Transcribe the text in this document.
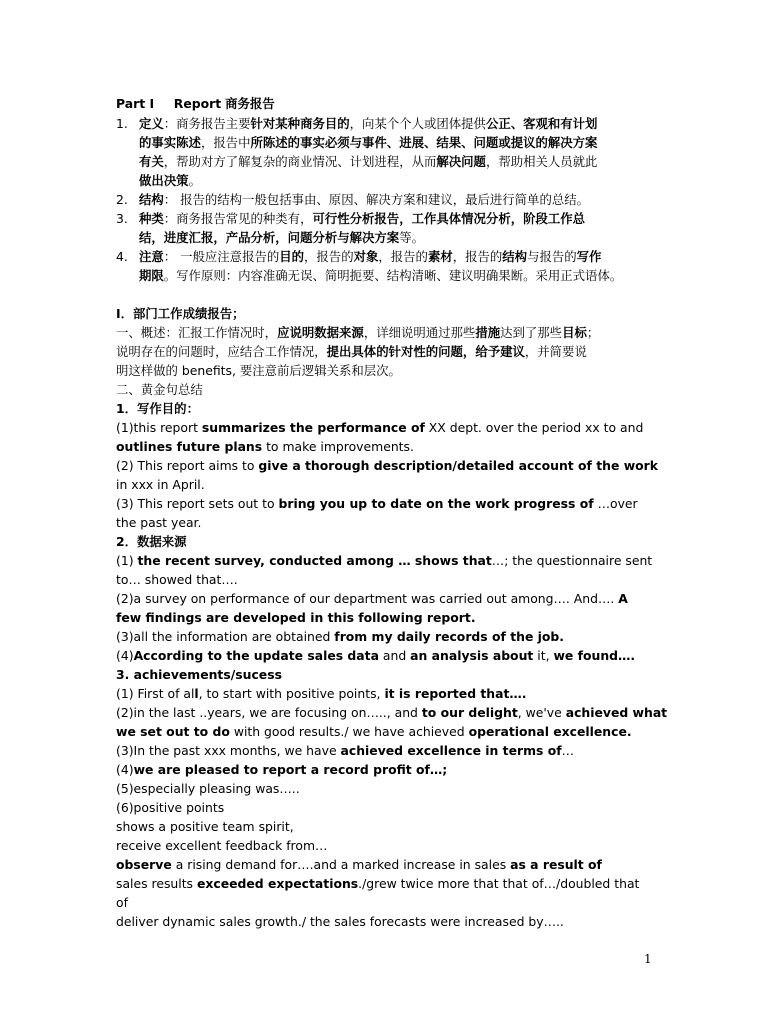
Part I Report 商务报告
1. 定义：商务报告主要针对某种商务目的，向某个个人或团体提供公正、客观和有计划
的事实陈述，报告中所陈述的事实必须与事件、进展、结果、问题或提议的解决方案
有关，帮助对方了解复杂的商业情况、计划进程，从而解决问题，帮助相关人员就此
做出决策。
2. 结构： 报告的结构一般包括事由、原因、解决方案和建议，最后进行简单的总结。
3. 种类：商务报告常见的种类有，可行性分析报告，工作具体情况分析，阶段工作总
结，进度汇报，产品分析，问题分析与解决方案等。
4. 注意： 一般应注意报告的目的，报告的对象，报告的素材，报告的结构与报告的写作
期限。写作原则：内容准确无误、简明扼要、结构清晰、建议明确果断。采用正式语体。
I．部门工作成绩报告；
一、概述：汇报工作情况时，应说明数据来源，详细说明通过那些措施达到了那些目标；
说明存在的问题时，应结合工作情况，提出具体的针对性的问题，给予建议，并简要说
明这样做的 benefits, 要注意前后逻辑关系和层次。
二、黄金句总结
1．写作目的：
(1)this report summarizes the performance of XX dept. over the period xx to and
outlines future plans to make improvements.
(2) This report aims to give a thorough description/detailed account of the work
in xxx in April.
(3) This report sets out to bring you up to date on the work progress of …over
the past year.
2．数据来源
(1) the recent survey, conducted among … shows that…; the questionnaire sent
to… showed that….
(2)a survey on performance of our department was carried out among…. And…. A
few findings are developed in this following report.
(3)all the information are obtained from my daily records of the job.
(4)According to the update sales data and an analysis about it, we found….
3. achievements/sucess
(1) First of all, to start with positive points, it is reported that….
(2)in the last ..years, we are focusing on….., and to our delight, we've achieved what
we set out to do with good results./ we have achieved operational excellence.
(3)In the past xxx months, we have achieved excellence in terms of…
(4)we are pleased to report a record profit of…;
(5)especially pleasing was…..
(6)positive points
shows a positive team spirit,
receive excellent feedback from…
observe a rising demand for….and a marked increase in sales as a result of
sales results exceeded expectations./grew twice more that that of…/doubled that
of
deliver dynamic sales growth./ the sales forecasts were increased by…..
1
